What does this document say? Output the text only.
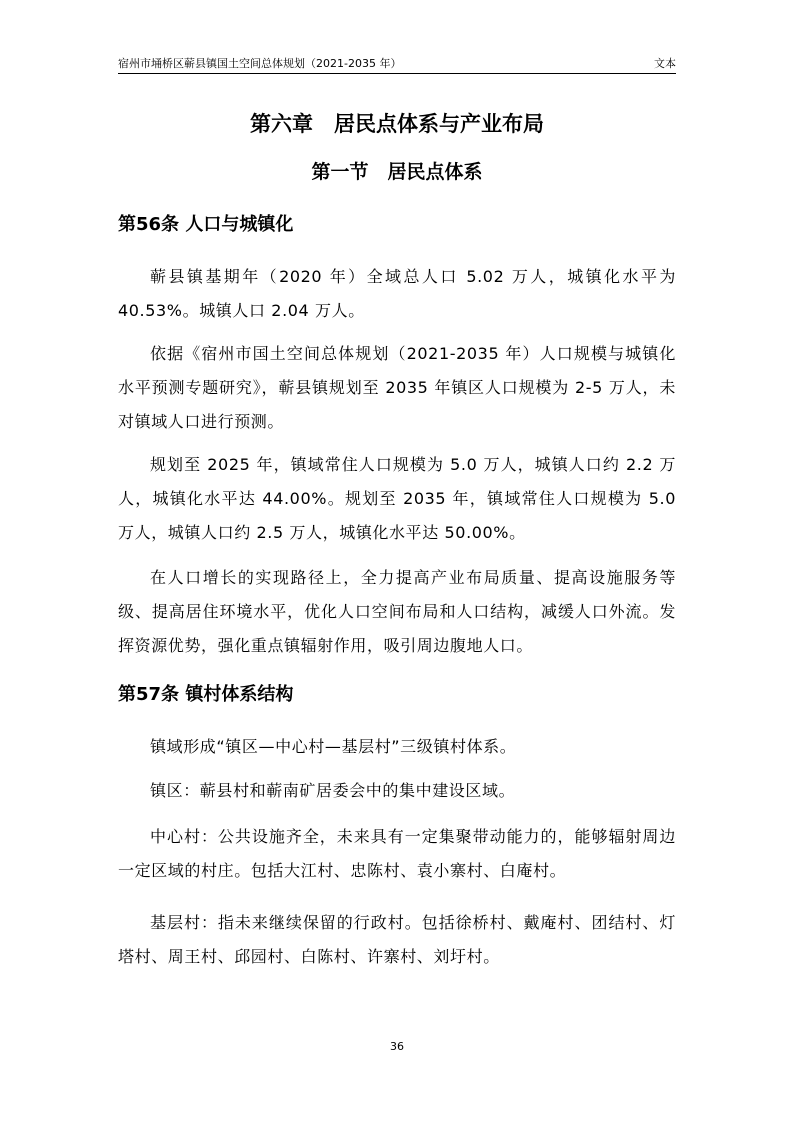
宿州市埇桥区蕲县镇国土空间总体规划（2021-2035 年）	文本
第六章　居民点体系与产业布局
第一节　居民点体系
第56条 人口与城镇化
蕲县镇基期年（2020 年）全域总人口 5.02 万人，城镇化水平为 40.53%。城镇人口 2.04 万人。
依据《宿州市国土空间总体规划（2021-2035 年）人口规模与城镇化水平预测专题研究》，蕲县镇规划至 2035 年镇区人口规模为 2-5 万人，未对镇域人口进行预测。
规划至 2025 年，镇域常住人口规模为 5.0 万人，城镇人口约 2.2 万人，城镇化水平达 44.00%。规划至 2035 年，镇域常住人口规模为 5.0 万人，城镇人口约 2.5 万人，城镇化水平达 50.00%。
在人口增长的实现路径上，全力提高产业布局质量、提高设施服务等级、提高居住环境水平，优化人口空间布局和人口结构，减缓人口外流。发挥资源优势，强化重点镇辐射作用，吸引周边腹地人口。
第57条 镇村体系结构
镇域形成“镇区—中心村—基层村”三级镇村体系。
镇区：蕲县村和蕲南矿居委会中的集中建设区域。
中心村：公共设施齐全，未来具有一定集聚带动能力的，能够辐射周边一定区域的村庄。包括大江村、忠陈村、袁小寨村、白庵村。
基层村：指未来继续保留的行政村。包括徐桥村、戴庵村、团结村、灯塔村、周王村、邱园村、白陈村、许寨村、刘圩村。
36
